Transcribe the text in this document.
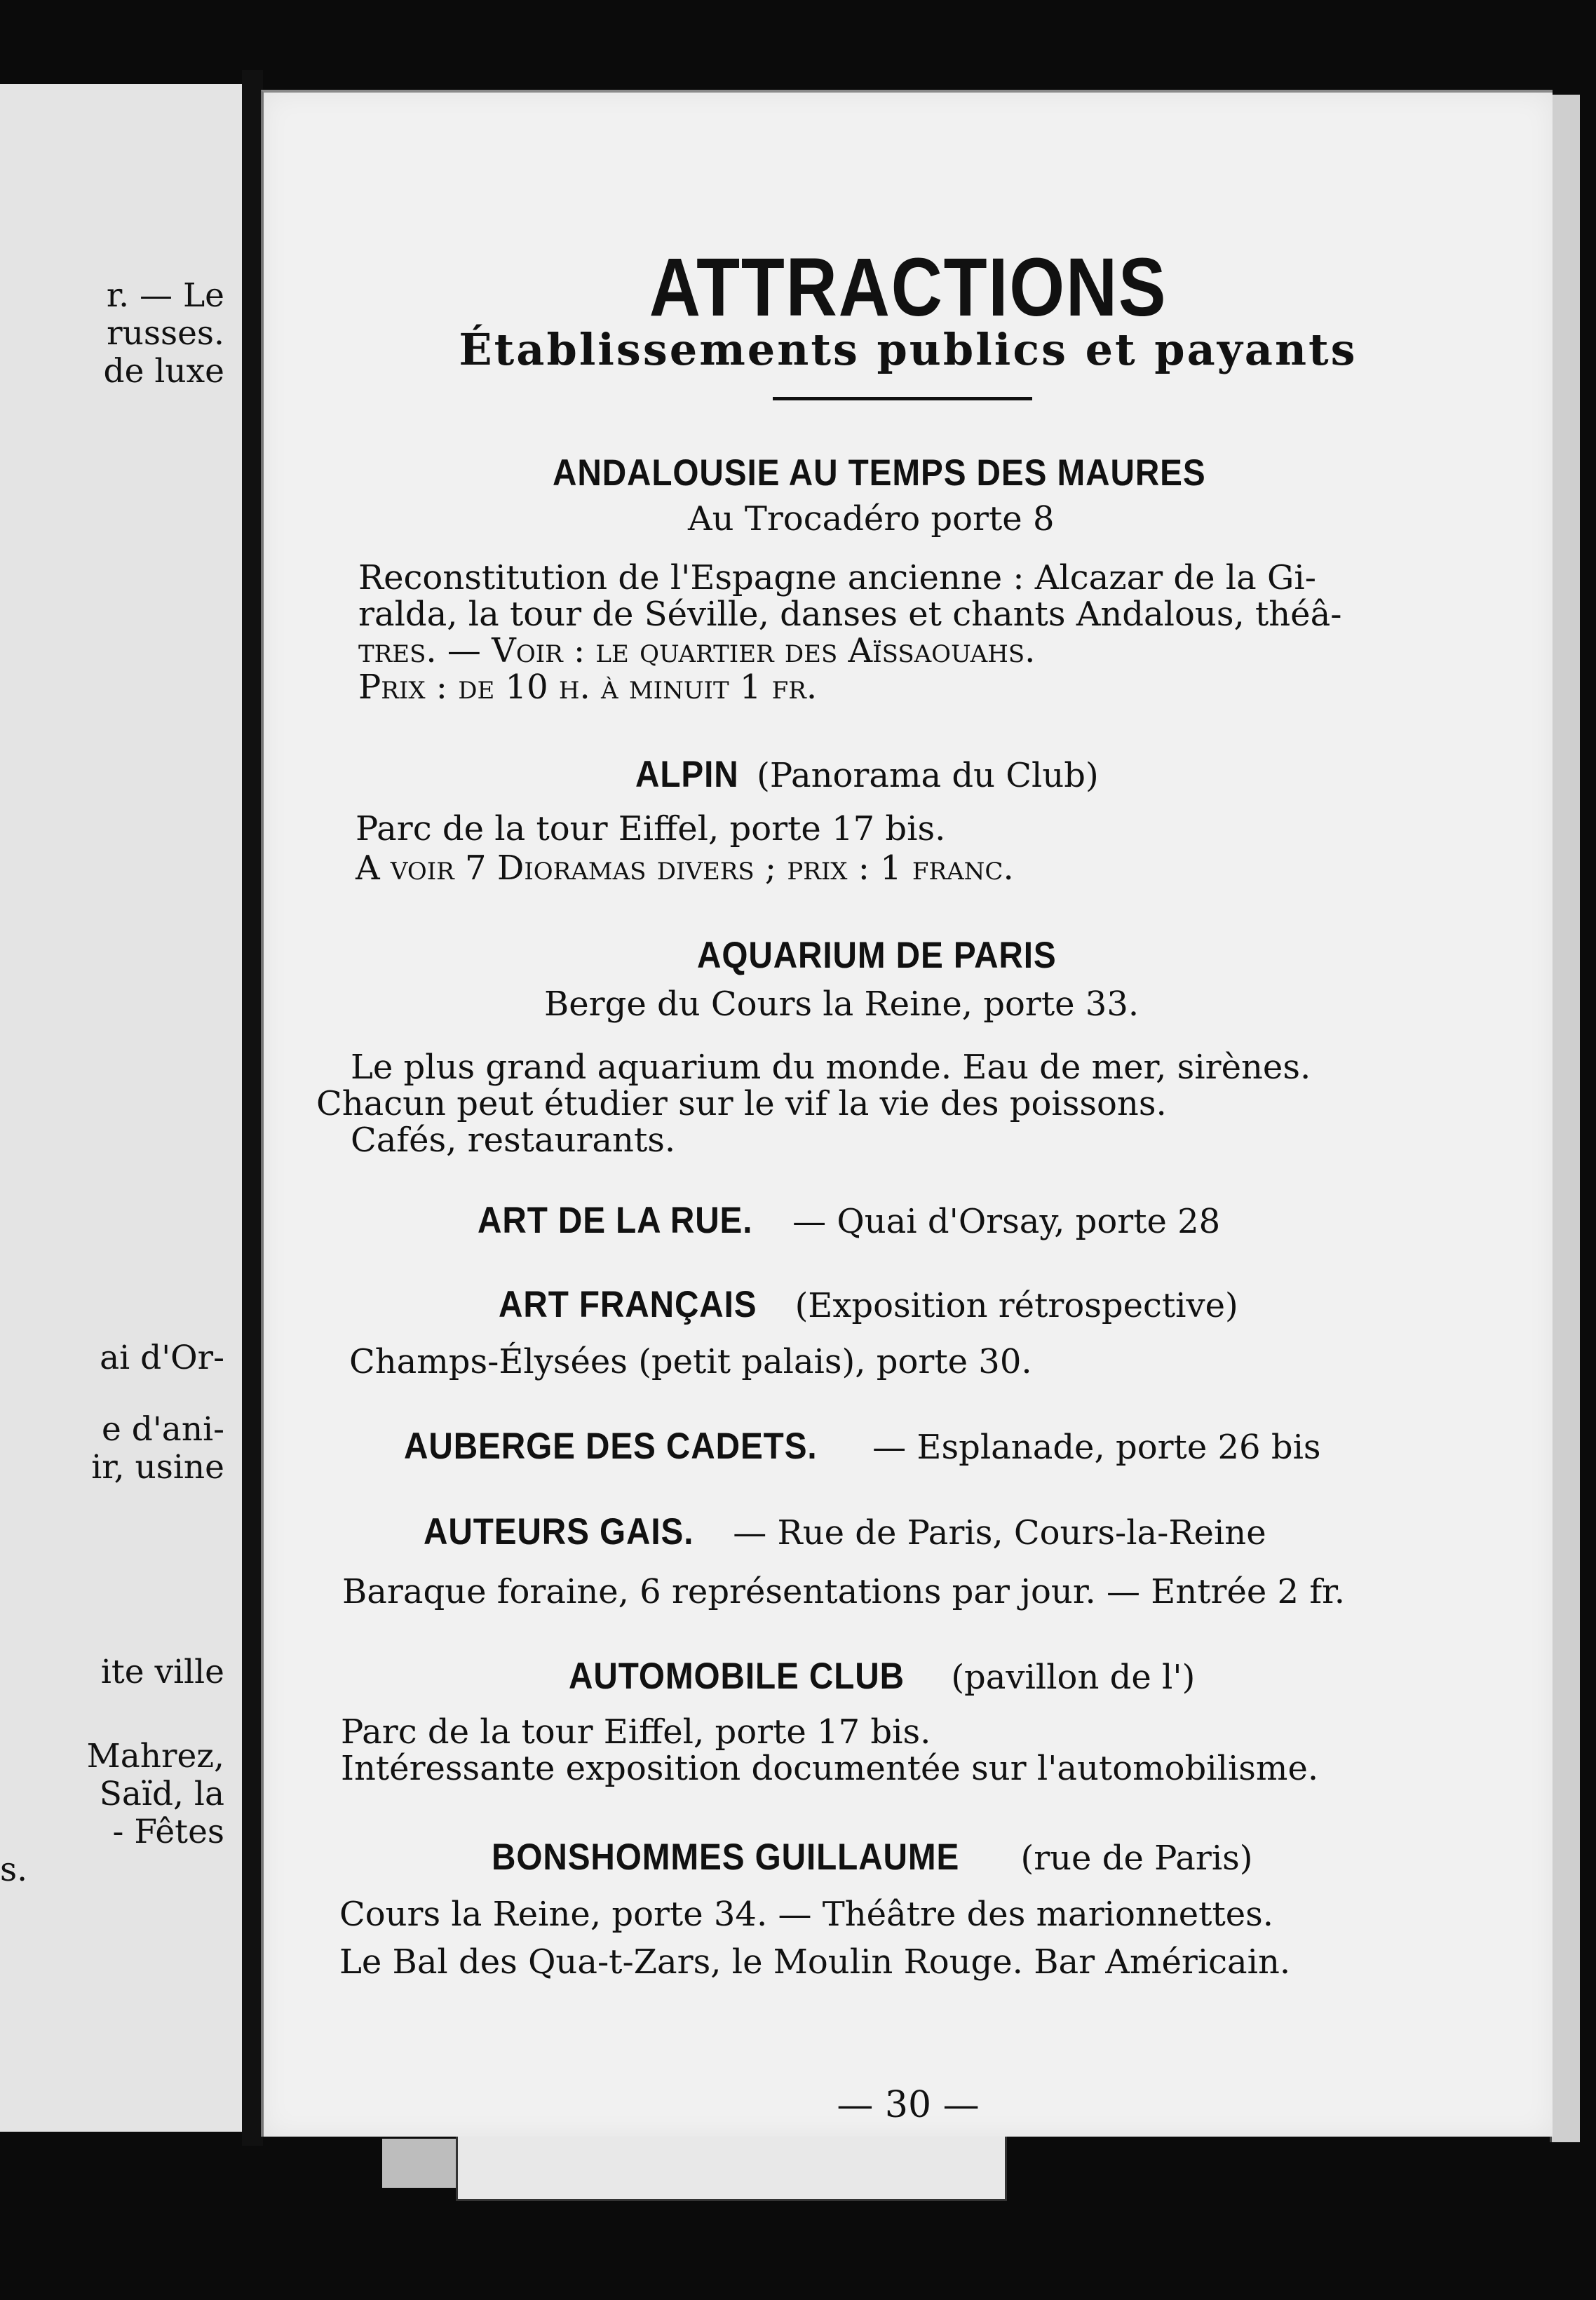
r. — Le
russes.
de luxe
ai d'Or-
e d'ani-
ir, usine
ite ville
Mahrez,
Saïd, la
- Fêtes
s.
ATTRACTIONS
Établissements publics et payants
ANDALOUSIE AU TEMPS DES MAURES
Au Trocadéro porte 8
Reconstitution de l'Espagne ancienne : Alcazar de la Gi-
ralda, la tour de Séville, danses et chants Andalous, théâ-
tres. — Voir : le quartier des Aïssaouahs.
Prix : de 10 h. à minuit 1 fr.
ALPIN (Panorama du Club)
Parc de la tour Eiffel, porte 17 bis.
A voir 7 Dioramas divers ; prix : 1 franc.
AQUARIUM DE PARIS
Berge du Cours la Reine, porte 33.
Le plus grand aquarium du monde. Eau de mer, sirènes.
Chacun peut étudier sur le vif la vie des poissons.
Cafés, restaurants.
ART DE LA RUE. — Quai d'Orsay, porte 28
ART FRANÇAIS (Exposition rétrospective)
Champs-Élysées (petit palais), porte 30.
AUBERGE DES CADETS. — Esplanade, porte 26 bis
AUTEURS GAIS. — Rue de Paris, Cours-la-Reine
Baraque foraine, 6 représentations par jour. — Entrée 2 fr.
AUTOMOBILE CLUB (pavillon de l')
Parc de la tour Eiffel, porte 17 bis.
Intéressante exposition documentée sur l'automobilisme.
BONSHOMMES GUILLAUME (rue de Paris)
Cours la Reine, porte 34. — Théâtre des marionnettes.
Le Bal des Qua-t-Zars, le Moulin Rouge. Bar Américain.
— 30 —
